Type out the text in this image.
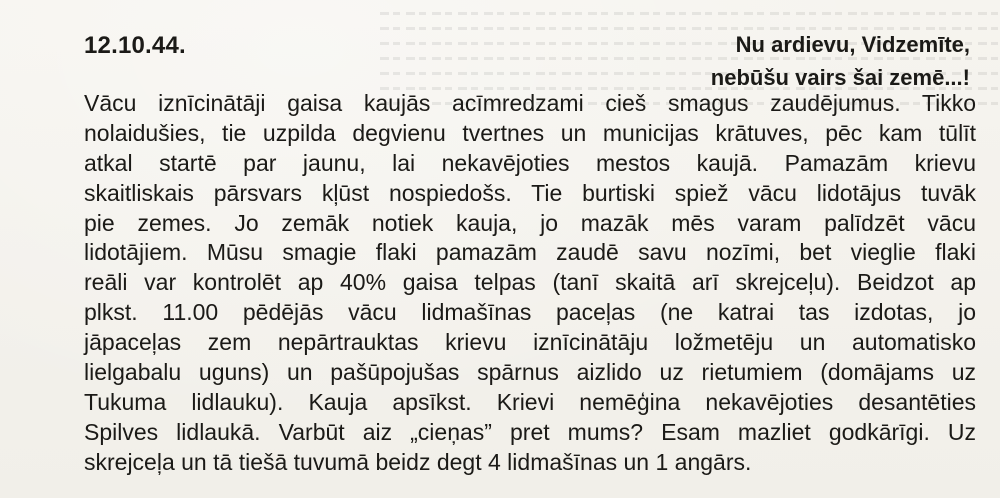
12.10.44.	Nu ardievu, Vidzemīte,
nebūšu vairs šai zemē...!
Vācu iznīcinātāji gaisa kaujās acīmredzami cieš smagus zaudējumus. Tikko
nolaidušies, tie uzpilda degvienu tvertnes un municijas krātuves, pēc kam tūlīt
atkal startē par jaunu, lai nekavējoties mestos kaujā. Pamazām krievu
skaitliskais pārsvars kļūst nospiedošs. Tie burtiski spiež vācu lidotājus tuvāk
pie zemes. Jo zemāk notiek kauja, jo mazāk mēs varam palīdzēt vācu
lidotājiem. Mūsu smagie flaki pamazām zaudē savu nozīmi, bet vieglie flaki
reāli var kontrolēt ap 40% gaisa telpas (tanī skaitā arī skrejceļu). Beidzot ap
plkst. 11.00 pēdējās vācu lidmašīnas paceļas (ne katrai tas izdotas, jo
jāpaceļas zem nepārtrauktas krievu iznīcinātāju ložmetēju un automatisko
lielgabalu uguns) un pašūpojušas spārnus aizlido uz rietumiem (domājams uz
Tukuma lidlauku). Kauja apsīkst. Krievi nemēģina nekavējoties desantēties
Spilves lidlaukā. Varbūt aiz „cieņas” pret mums? Esam mazliet godkārīgi. Uz
skrejceļa un tā tiešā tuvumā beidz degt 4 lidmašīnas un 1 angārs.
